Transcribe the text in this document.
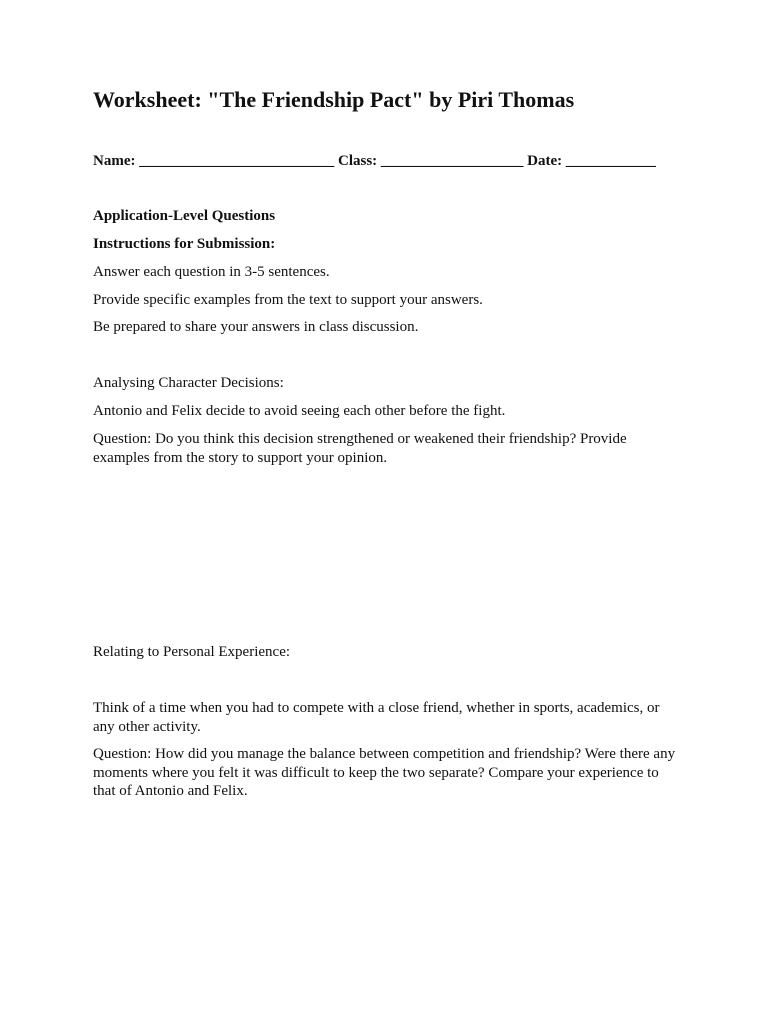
Worksheet: "The Friendship Pact" by Piri Thomas
Name: __________________________ Class: ___________________ Date: ____________
Application-Level Questions
Instructions for Submission:
Answer each question in 3-5 sentences.
Provide specific examples from the text to support your answers.
Be prepared to share your answers in class discussion.
Analysing Character Decisions:
Antonio and Felix decide to avoid seeing each other before the fight.
Question: Do you think this decision strengthened or weakened their friendship? Provide examples from the story to support your opinion.
Relating to Personal Experience:
Think of a time when you had to compete with a close friend, whether in sports, academics, or any other activity.
Question: How did you manage the balance between competition and friendship? Were there any moments where you felt it was difficult to keep the two separate? Compare your experience to that of Antonio and Felix.
